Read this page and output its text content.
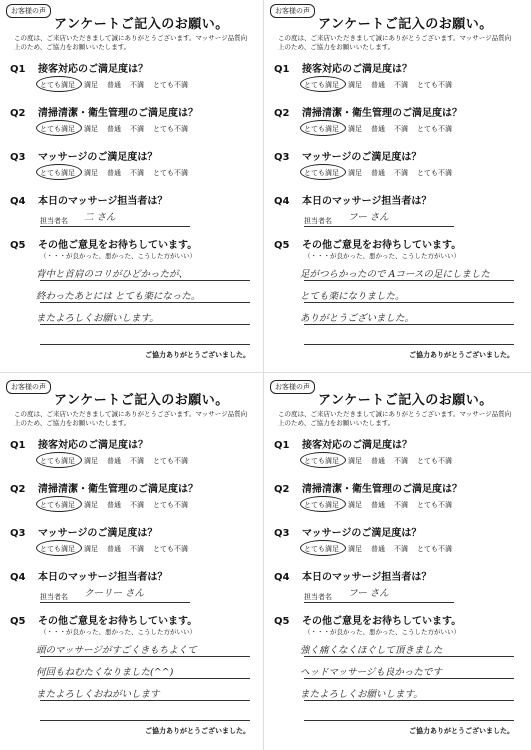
お客様の声
アンケートご記入のお願い。
この度は、ご来店いただきまして誠にありがとうございます。マッサージ品質向上のため、ご協力をお願いいたします。
Q1 接客対応のご満足度は？
とても満足 満足 普通 不満 とても不満
Q2 清掃清潔・衛生管理のご満足度は？
とても満足 満足 普通 不満 とても不満
Q3 マッサージのご満足度は？
とても満足 満足 普通 不満 とても不満
Q4 本日のマッサージ担当者は？
担当者名 二 さん
Q5 その他ご意見をお待ちしています。
（・・・が良かった、悪かった、こうした方がいい）
背中と首肩のコリがひどかったが、
終わったあとには とても楽になった。
またよろしくお願いします。
ご協力ありがとうございました。
お客様の声
アンケートご記入のお願い。
この度は、ご来店いただきまして誠にありがとうございます。マッサージ品質向上のため、ご協力をお願いいたします。
Q1 接客対応のご満足度は？
とても満足 満足 普通 不満 とても不満
Q2 清掃清潔・衛生管理のご満足度は？
とても満足 満足 普通 不満 とても不満
Q3 マッサージのご満足度は？
とても満足 満足 普通 不満 とても不満
Q4 本日のマッサージ担当者は？
担当者名 フー さん
Q5 その他ご意見をお待ちしています。
（・・・が良かった、悪かった、こうした方がいい）
足がつらかったので Aコースの足にしました
とても楽になりました。
ありがとうございました。
ご協力ありがとうございました。
お客様の声
アンケートご記入のお願い。
この度は、ご来店いただきまして誠にありがとうございます。マッサージ品質向上のため、ご協力をお願いいたします。
Q1 接客対応のご満足度は？
とても満足 満足 普通 不満 とても不満
Q2 清掃清潔・衛生管理のご満足度は？
とても満足 満足 普通 不満 とても不満
Q3 マッサージのご満足度は？
とても満足 満足 普通 不満 とても不満
Q4 本日のマッサージ担当者は？
担当者名 クーリー さん
Q5 その他ご意見をお待ちしています。
（・・・が良かった、悪かった、こうした方がいい）
頭のマッサージがすごくきもちよくて
何回もねむたくなりました(^^)
またよろしくおねがいします
ご協力ありがとうございました。
お客様の声
アンケートご記入のお願い。
この度は、ご来店いただきまして誠にありがとうございます。マッサージ品質向上のため、ご協力をお願いいたします。
Q1 接客対応のご満足度は？
とても満足 満足 普通 不満 とても不満
Q2 清掃清潔・衛生管理のご満足度は？
とても満足 満足 普通 不満 とても不満
Q3 マッサージのご満足度は？
とても満足 満足 普通 不満 とても不満
Q4 本日のマッサージ担当者は？
担当者名 フー さん
Q5 その他ご意見をお待ちしています。
（・・・が良かった、悪かった、こうした方がいい）
強く痛くなくほぐして頂きました
ヘッドマッサージも良かったです
またよろしくお願いします。
ご協力ありがとうございました。
